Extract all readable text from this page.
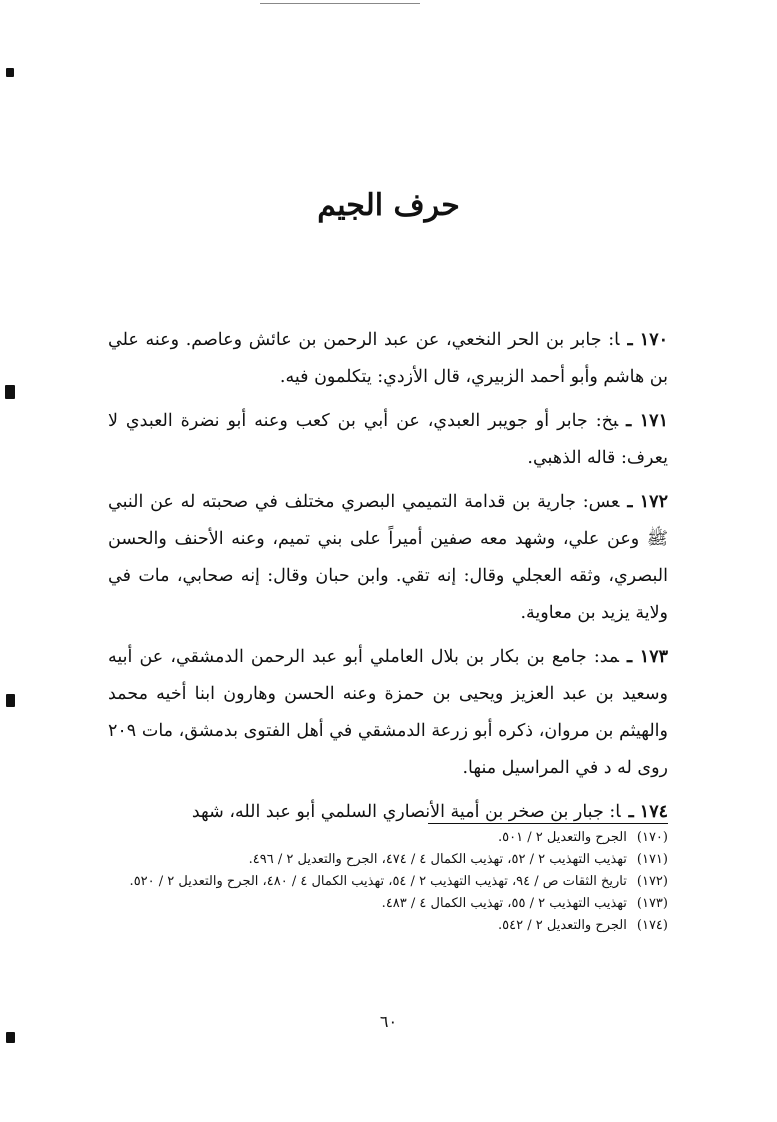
حرف الجيم

١٧٠ ـا: جابر بن الحر النخعي، عن عبد الرحمن بن عائش وعاصم. وعنه علي بن هاشم وأبو أحمد الزبيري، قال الأزدي: يتكلمون فيه.

١٧١ ـبخ: جابر أو جويبر العبدي، عن أبي بن كعب وعنه أبو نضرة العبدي لا يعرف: قاله الذهبي.

١٧٢ ـعس: جارية بن قدامة التميمي البصري مختلف في صحبته له عن النبي ﷺ وعن علي، وشهد معه صفين أميراً على بني تميم، وعنه الأحنف والحسن البصري، وثقه العجلي وقال: إنه تقي. وابن حبان وقال: إنه صحابي، مات في ولاية يزيد بن معاوية.

١٧٣ ـمد: جامع بن بكار بن بلال العاملي أبو عبد الرحمن الدمشقي، عن أبيه وسعيد بن عبد العزيز ويحيى بن حمزة وعنه الحسن وهارون ابنا أخيه محمد والهيثم بن مروان، ذكره أبو زرعة الدمشقي في أهل الفتوى بدمشق، مات ٢٠٩ روى له د في المراسيل منها.

١٧٤ ـا: جبار بن صخر بن أمية الأنصاري السلمي أبو عبد الله، شهد

(١٧٠)الجرح والتعديل ٢ / ٥٠١.

(١٧١)تهذيب التهذيب ٢ / ٥٢، تهذيب الكمال ٤ / ٤٧٤، الجرح والتعديل ٢ / ٤٩٦.

(١٧٢)تاريخ الثقات ص / ٩٤، تهذيب التهذيب ٢ / ٥٤، تهذيب الكمال ٤ / ٤٨٠، الجرح والتعديل ٢ / ٥٢٠.

(١٧٣)تهذيب التهذيب ٢ / ٥٥، تهذيب الكمال ٤ / ٤٨٣.

(١٧٤)الجرح والتعديل ٢ / ٥٤٢.

٦٠
